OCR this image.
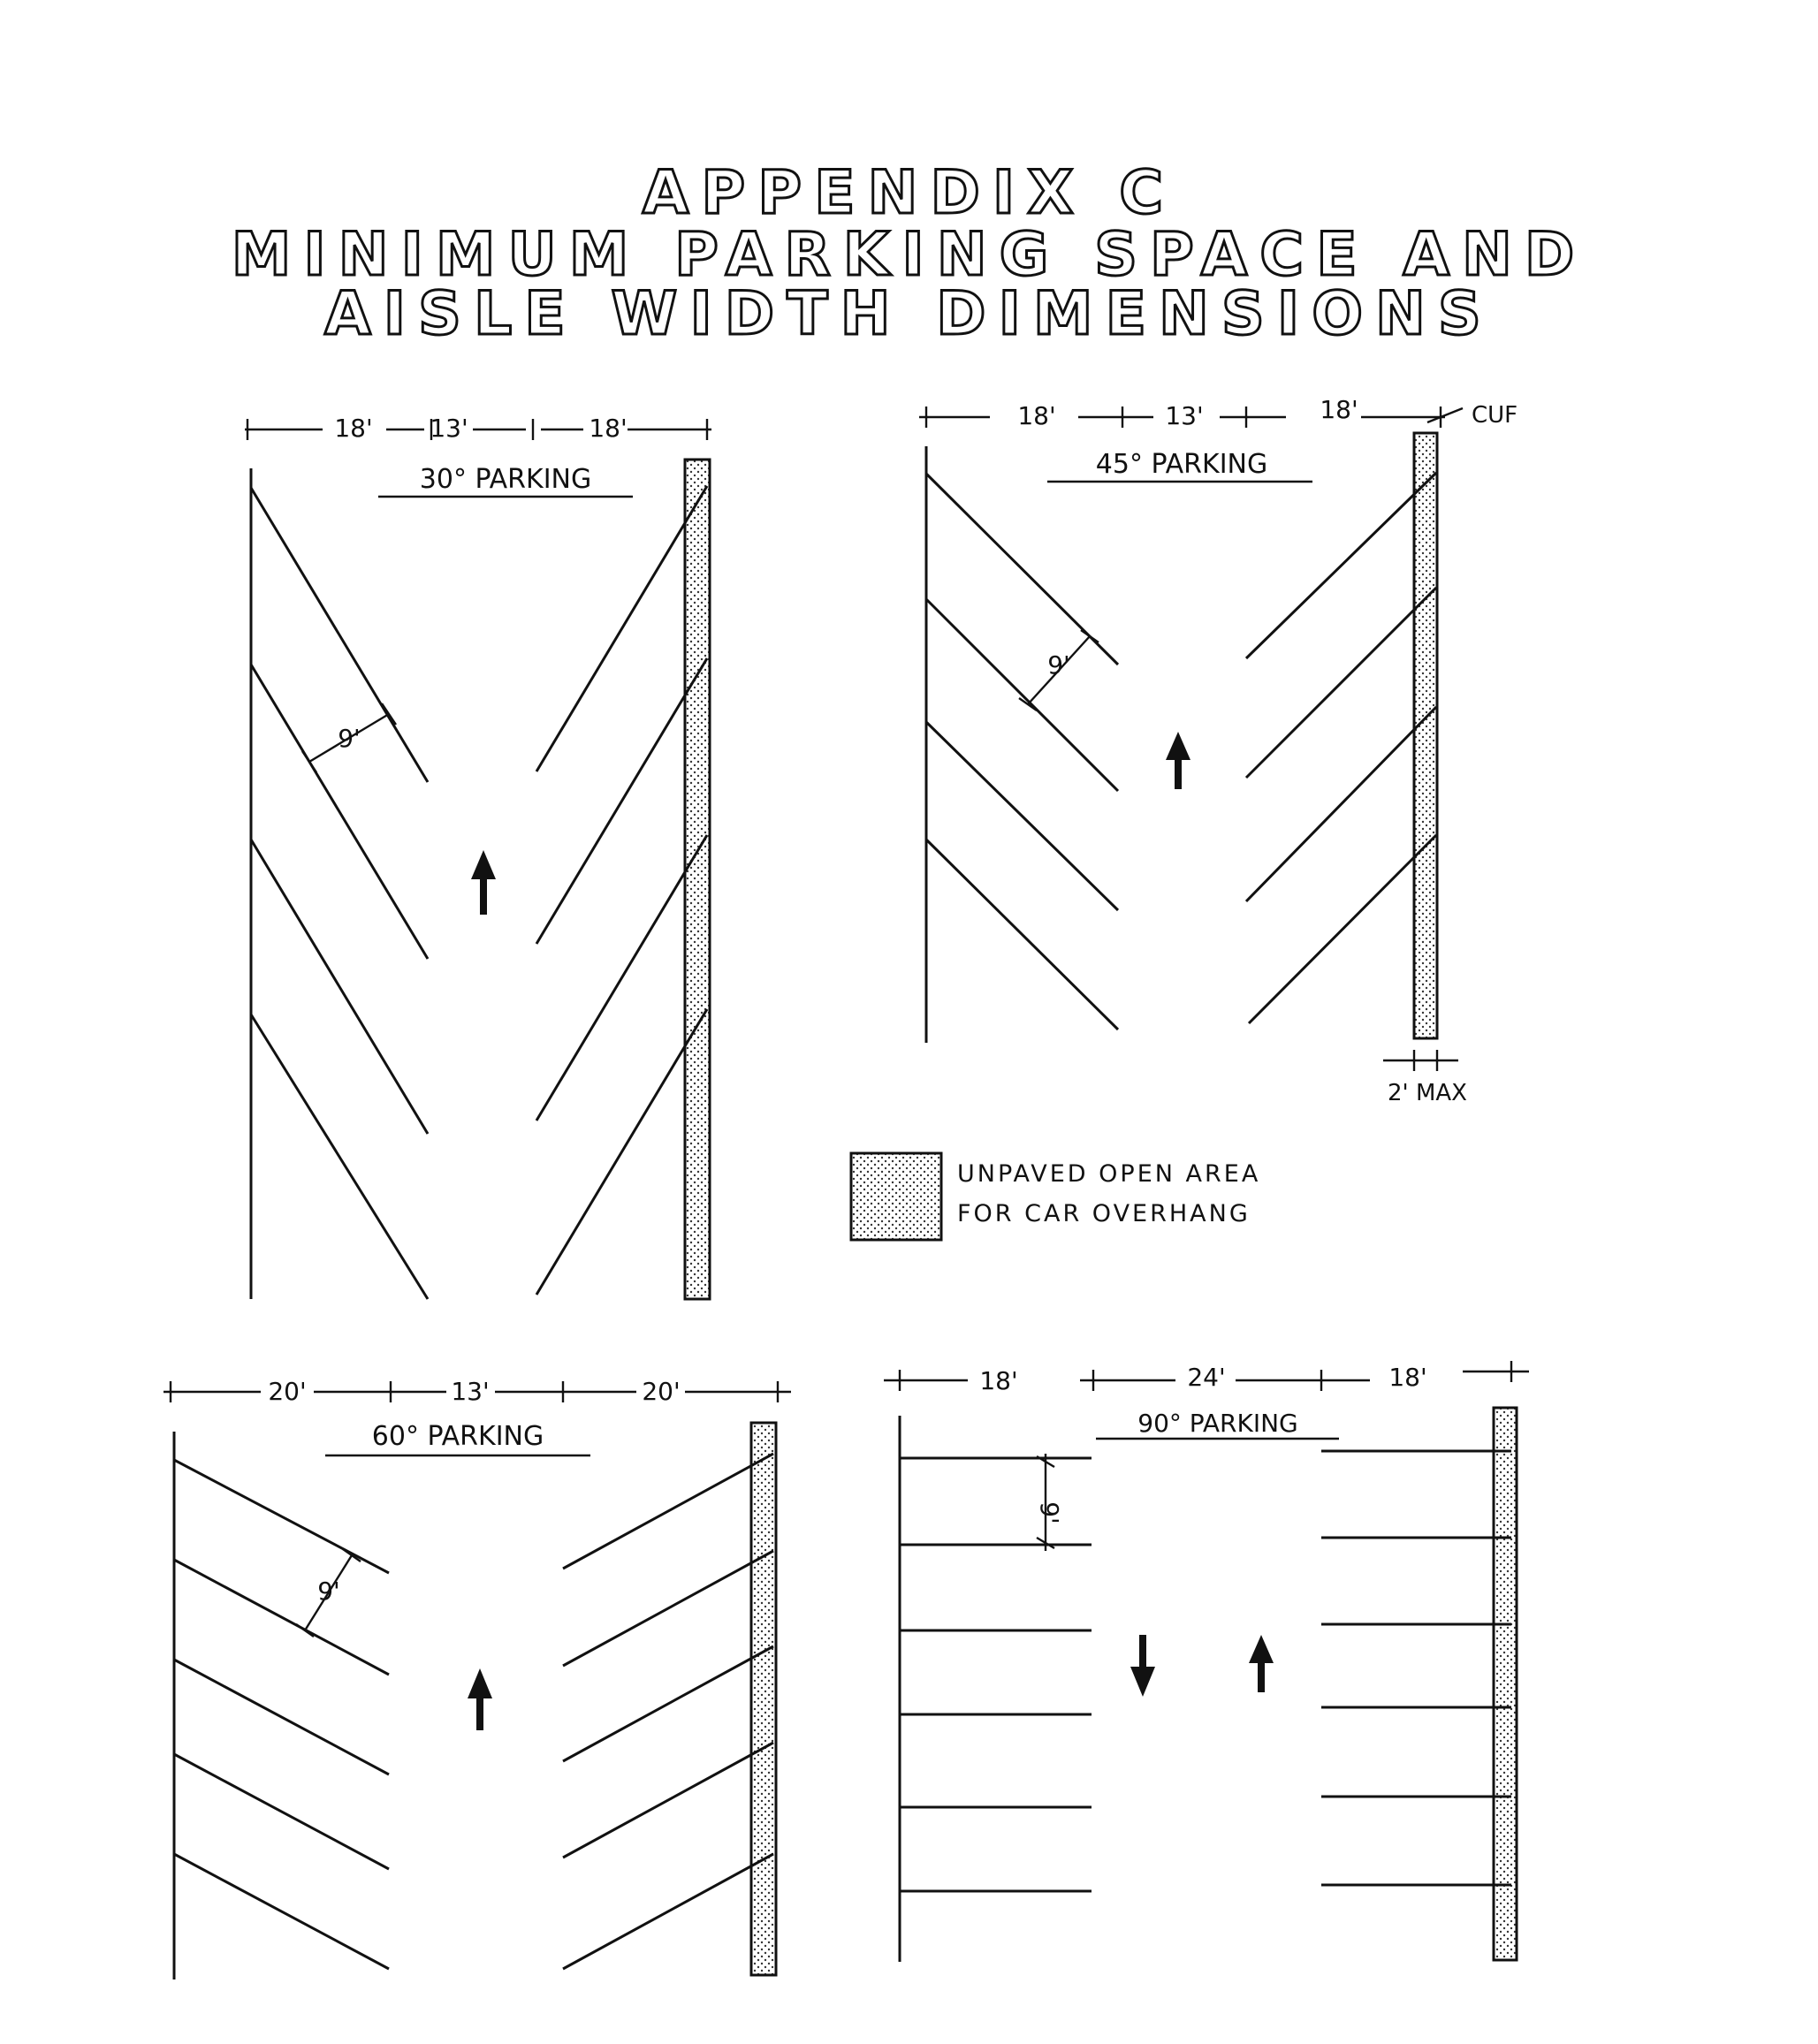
APPENDIX C
MINIMUM PARKING SPACE AND
AISLE WIDTH DIMENSIONS
18' 13'	18'
30° PARKING
9'
18'	13'	18'	CUF
45° PARKING
9'
2' MAX
UNPAVED OPEN AREA
FOR CAR OVERHANG
20'	13'	20'
60° PARKING
9'
18'	24'	18'
90° PARKING
9'
